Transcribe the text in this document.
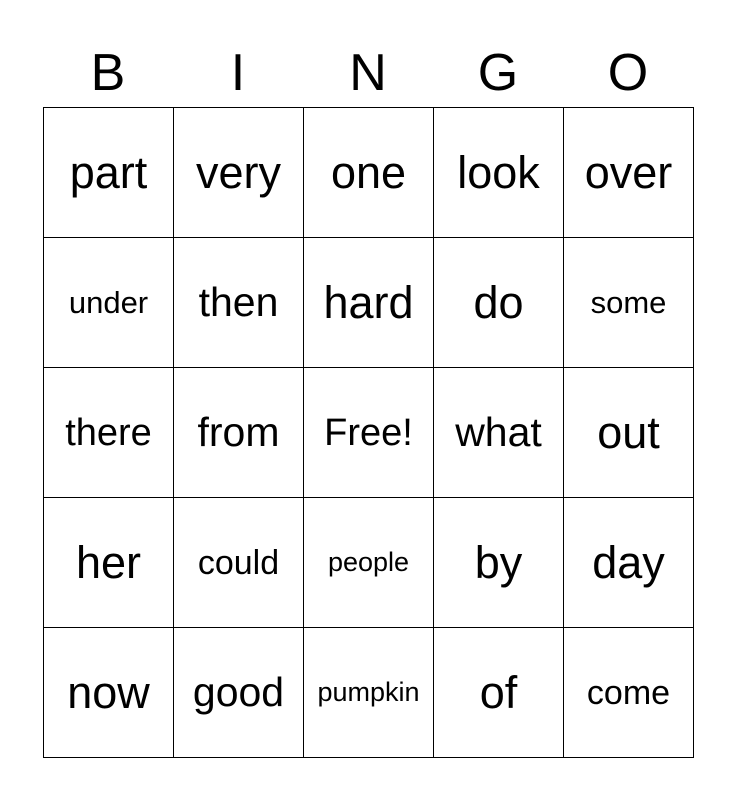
B	I	N	G	O
part very one look over
under then hard do some
there from Free! what out
her could people by day
now good pumpkin of come
